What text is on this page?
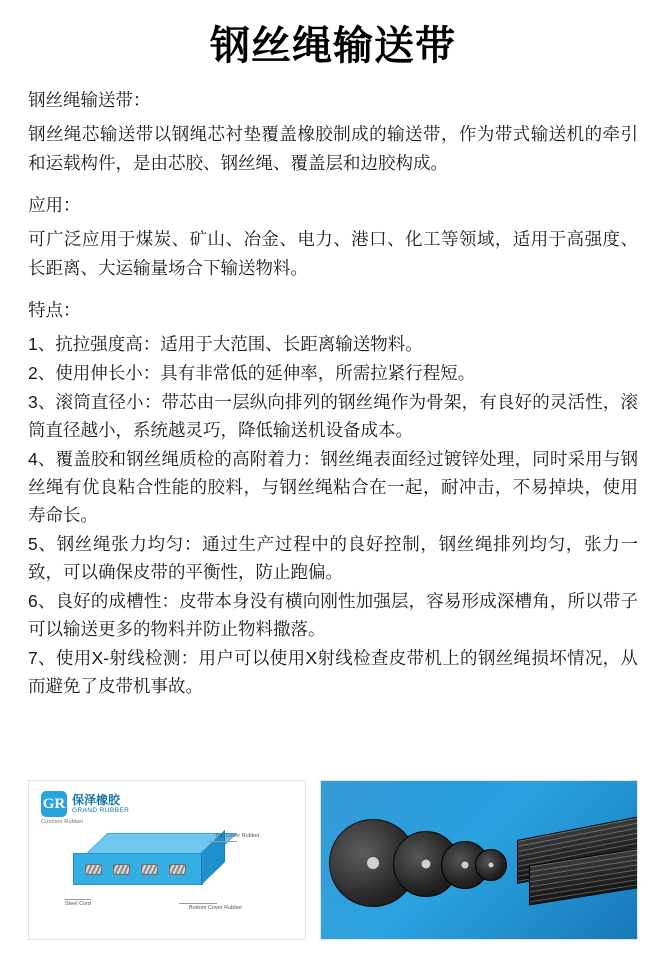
钢丝绳输送带
钢丝绳输送带：

钢丝绳芯输送带以钢绳芯衬垫覆盖橡胶制成的输送带，作为带式输送机的牵引和运载构件，是由芯胶、钢丝绳、覆盖层和边胶构成。

应用：

可广泛应用于煤炭、矿山、冶金、电力、港口、化工等领域，适用于高强度、长距离、大运输量场合下输送物料。

特点：
1、抗拉强度高：适用于大范围、长距离输送物料。
2、使用伸长小：具有非常低的延伸率，所需拉紧行程短。
3、滚筒直径小：带芯由一层纵向排列的钢丝绳作为骨架，有良好的灵活性，滚筒直径越小，系统越灵巧，降低输送机设备成本。
4、覆盖胶和钢丝绳质检的高附着力：钢丝绳表面经过镀锌处理，同时采用与钢丝绳有优良粘合性能的胶料，与钢丝绳粘合在一起，耐冲击，不易掉块，使用寿命长。
5、钢丝绳张力均匀：通过生产过程中的良好控制，钢丝绳排列均匀，张力一致，可以确保皮带的平衡性，防止跑偏。
6、良好的成槽性：皮带本身没有横向刚性加强层，容易形成深槽角，所以带子可以输送更多的物料并防止物料撒落。
7、使用X-射线检测：用户可以使用X射线检查皮带机上的钢丝绳损坏情况，从而避免了皮带机事故。
GR 保泽橡胶
GRAND RUBBER
Cushion Rubber
Top Cover Rubber
Bottom Cover Rubber
Steel Cord
